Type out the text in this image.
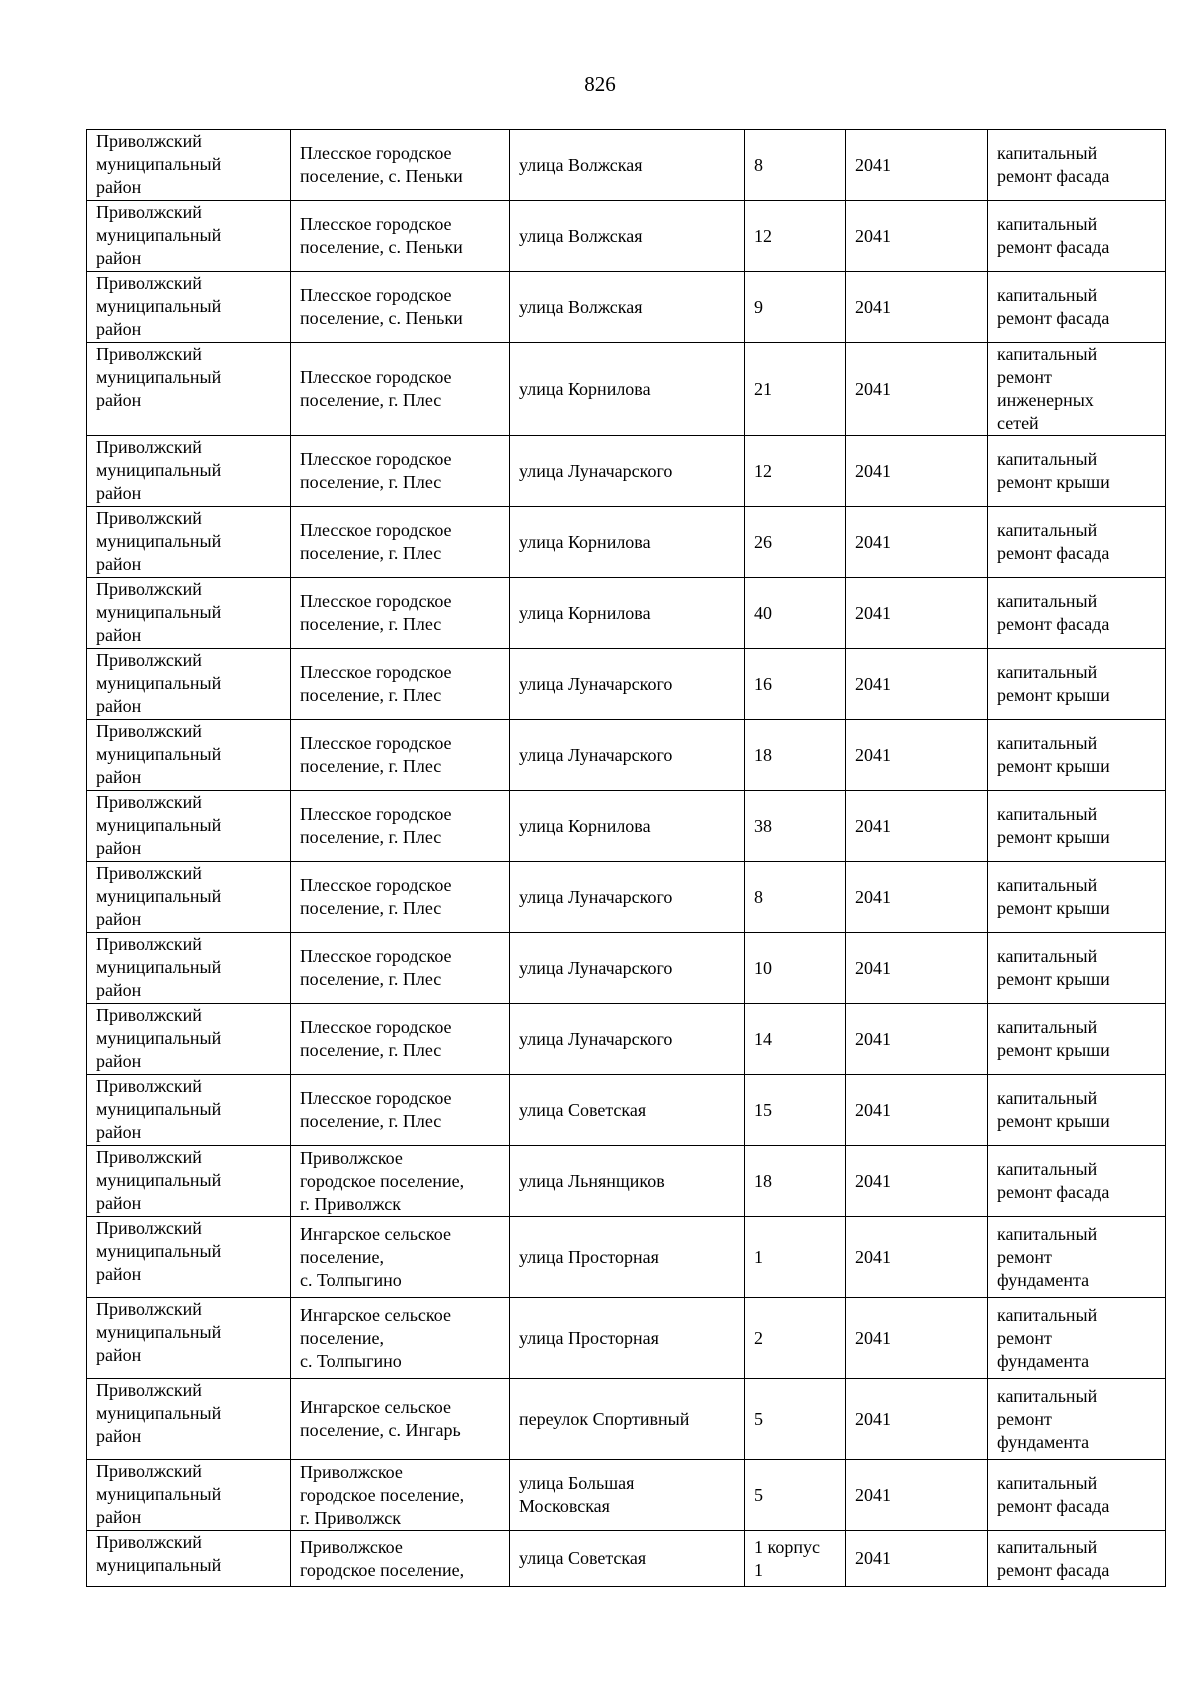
826
Приволжский
муниципальный
район	Плесское городское
поселение, с. Пеньки	улица Волжская	8	2041	капитальный
ремонт фасада
Приволжский
муниципальный
район	Плесское городское
поселение, с. Пеньки	улица Волжская	12	2041	капитальный
ремонт фасада
Приволжский
муниципальный
район	Плесское городское
поселение, с. Пеньки	улица Волжская	9	2041	капитальный
ремонт фасада
Приволжский
муниципальный
район	Плесское городское
поселение, г. Плес	улица Корнилова	21	2041	капитальный
ремонт
инженерных
сетей
Приволжский
муниципальный
район	Плесское городское
поселение, г. Плес	улица Луначарского	12	2041	капитальный
ремонт крыши
Приволжский
муниципальный
район	Плесское городское
поселение, г. Плес	улица Корнилова	26	2041	капитальный
ремонт фасада
Приволжский
муниципальный
район	Плесское городское
поселение, г. Плес	улица Корнилова	40	2041	капитальный
ремонт фасада
Приволжский
муниципальный
район	Плесское городское
поселение, г. Плес	улица Луначарского	16	2041	капитальный
ремонт крыши
Приволжский
муниципальный
район	Плесское городское
поселение, г. Плес	улица Луначарского	18	2041	капитальный
ремонт крыши
Приволжский
муниципальный
район	Плесское городское
поселение, г. Плес	улица Корнилова	38	2041	капитальный
ремонт крыши
Приволжский
муниципальный
район	Плесское городское
поселение, г. Плес	улица Луначарского	8	2041	капитальный
ремонт крыши
Приволжский
муниципальный
район	Плесское городское
поселение, г. Плес	улица Луначарского	10	2041	капитальный
ремонт крыши
Приволжский
муниципальный
район	Плесское городское
поселение, г. Плес	улица Луначарского	14	2041	капитальный
ремонт крыши
Приволжский
муниципальный
район	Плесское городское
поселение, г. Плес	улица Советская	15	2041	капитальный
ремонт крыши
Приволжский
муниципальный
район	Приволжское
городское поселение,
г. Приволжск	улица Льнянщиков	18	2041	капитальный
ремонт фасада
Приволжский
муниципальный
район	Ингарское сельское
поселение,
с. Толпыгино	улица Просторная	1	2041	капитальный
ремонт
фундамента
Приволжский
муниципальный
район	Ингарское сельское
поселение,
с. Толпыгино	улица Просторная	2	2041	капитальный
ремонт
фундамента
Приволжский
муниципальный
район	Ингарское сельское
поселение, с. Ингарь	переулок Спортивный	5	2041	капитальный
ремонт
фундамента
Приволжский
муниципальный
район	Приволжское
городское поселение,
г. Приволжск	улица Большая
Московская	5	2041	капитальный
ремонт фасада
Приволжский
муниципальный	Приволжское
городское поселение,	улица Советская	1 корпус
1	2041	капитальный
ремонт фасада
